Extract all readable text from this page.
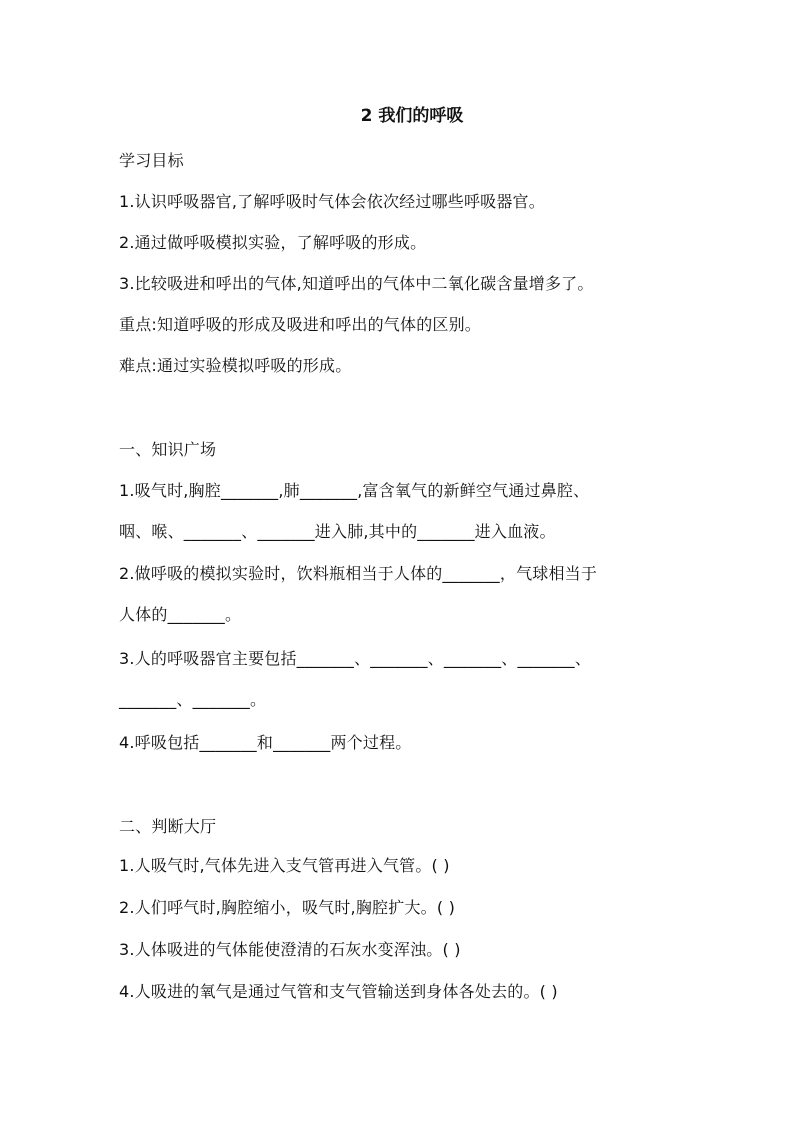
2 我们的呼吸
学习目标
1.认识呼吸器官,了解呼吸时气体会依次经过哪些呼吸器官。
2.通过做呼吸模拟实验，了解呼吸的形成。
3.比较吸进和呼出的气体,知道呼出的气体中二氧化碳含量增多了。
重点:知道呼吸的形成及吸进和呼出的气体的区别。
难点:通过实验模拟呼吸的形成。
一、知识广场
1.吸气时,胸腔_______,肺_______,富含氧气的新鲜空气通过鼻腔、
咽、喉、_______、_______进入肺,其中的_______进入血液。
2.做呼吸的模拟实验时，饮料瓶相当于人体的_______，气球相当于
人体的_______。
3.人的呼吸器官主要包括_______、_______、_______、_______、
_______、_______。
4.呼吸包括_______和_______两个过程。
二、判断大厅
1.人吸气时,气体先进入支气管再进入气管。( )
2.人们呼气时,胸腔缩小，吸气时,胸腔扩大。( )
3.人体吸进的气体能使澄清的石灰水变浑浊。( )
4.人吸进的氧气是通过气管和支气管输送到身体各处去的。( )
